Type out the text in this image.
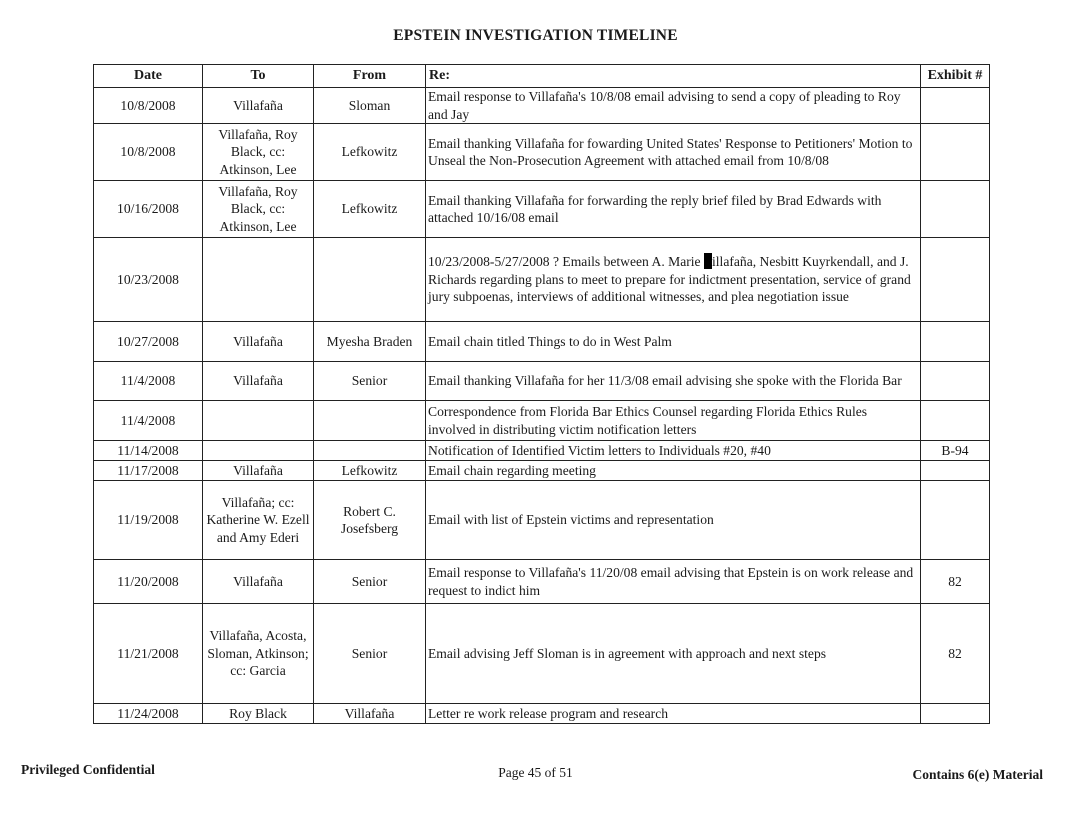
EPSTEIN INVESTIGATION TIMELINE
Date	To	From	Re:	Exhibit #
10/8/2008	Villafaña	Sloman	Email response to Villafaña's 10/8/08 email advising to send a copy of pleading to Roy and Jay	
10/8/2008	Villafaña, Roy Black, cc: Atkinson, Lee	Lefkowitz	Email thanking Villafaña for fowarding United States' Response to Petitioners' Motion to Unseal the Non-Prosecution Agreement with attached email from 10/8/08	
10/16/2008	Villafaña, Roy Black, cc: Atkinson, Lee	Lefkowitz	Email thanking Villafaña for forwarding the reply brief filed by Brad Edwards with attached 10/16/08 email	
10/23/2008			10/23/2008-5/27/2008 ? Emails between A. Marie illafaña, Nesbitt Kuyrkendall, and J. Richards regarding plans to meet to prepare for indictment presentation, service of grand jury subpoenas, interviews of additional witnesses, and plea negotiation issue	
10/27/2008	Villafaña	Myesha Braden	Email chain titled Things to do in West Palm	
11/4/2008	Villafaña	Senior	Email thanking Villafaña for her 11/3/08 email advising she spoke with the Florida Bar	
11/4/2008			Correspondence from Florida Bar Ethics Counsel regarding Florida Ethics Rules involved in distributing victim notification letters	
11/14/2008			Notification of Identified Victim letters to Individuals #20, #40	B-94
11/17/2008	Villafaña	Lefkowitz	Email chain regarding meeting	
11/19/2008	Villafaña; cc: Katherine W. Ezell and Amy Ederi	Robert C. Josefsberg	Email with list of Epstein victims and representation	
11/20/2008	Villafaña	Senior	Email response to Villafaña's 11/20/08 email advising that Epstein is on work release and request to indict him	82
11/21/2008	Villafaña, Acosta, Sloman, Atkinson; cc: Garcia	Senior	Email advising Jeff Sloman is in agreement with approach and next steps	82
11/24/2008	Roy Black	Villafaña	Letter re work release program and research	
Privileged Confidential	Page 45 of 51	Contains 6(e) Material
